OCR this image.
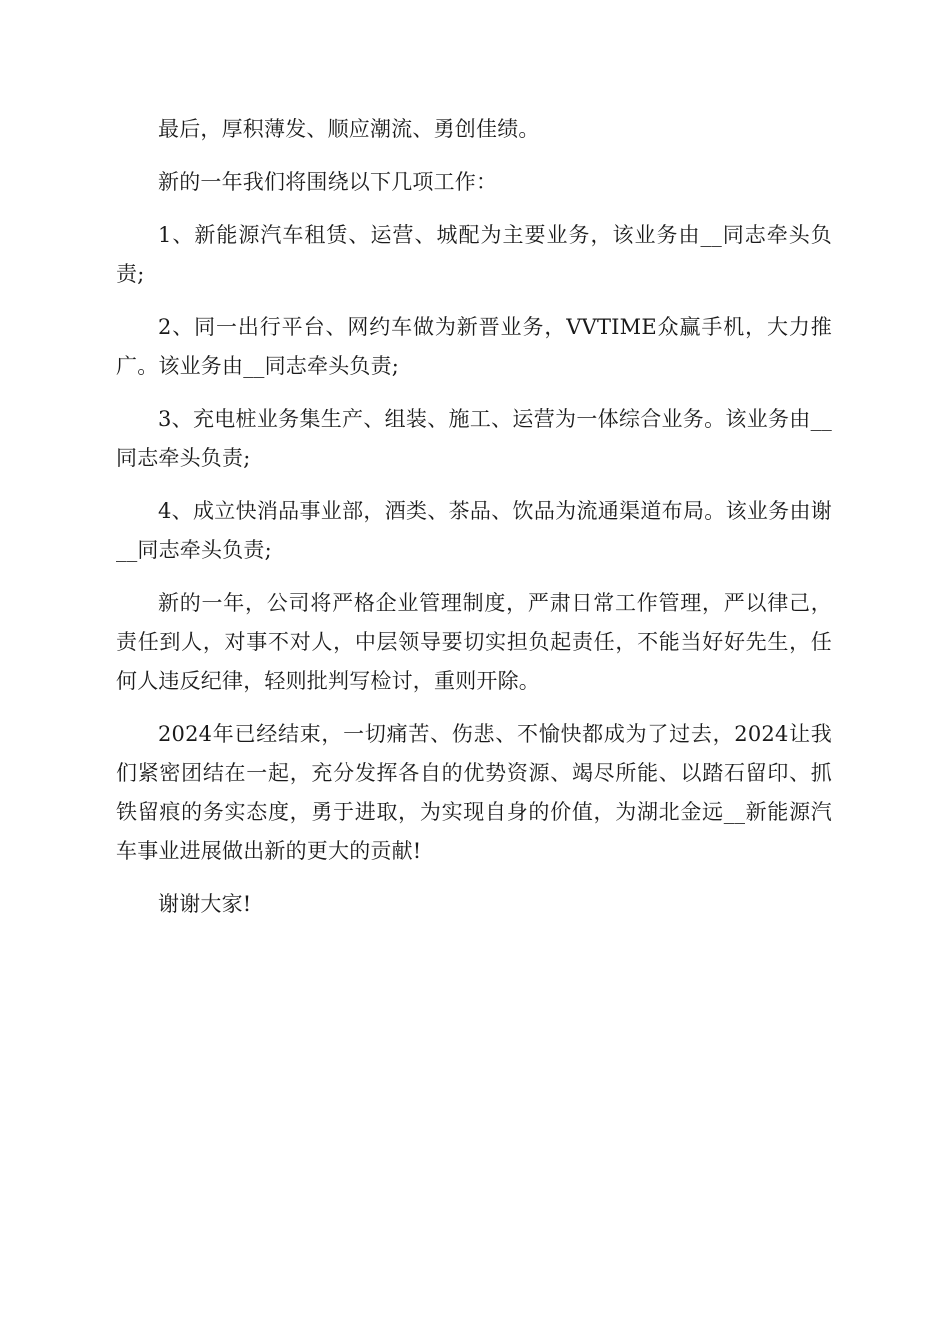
最后，厚积薄发、顺应潮流、勇创佳绩。

新的一年我们将围绕以下几项工作：

1、新能源汽车租赁、运营、城配为主要业务，该业务由__同志牵头负责;

2、同一出行平台、网约车做为新晋业务，VVTIME众赢手机，大力推广。该业务由__同志牵头负责;

3、充电桩业务集生产、组装、施工、运营为一体综合业务。该业务由__同志牵头负责;

4、成立快消品事业部，酒类、茶品、饮品为流通渠道布局。该业务由谢__同志牵头负责;

新的一年，公司将严格企业管理制度，严肃日常工作管理，严以律己，责任到人，对事不对人，中层领导要切实担负起责任，不能当好好先生，任何人违反纪律，轻则批判写检讨，重则开除。

2024年已经结束，一切痛苦、伤悲、不愉快都成为了过去，2024让我们紧密团结在一起，充分发挥各自的优势资源、竭尽所能、以踏石留印、抓铁留痕的务实态度，勇于进取，为实现自身的价值，为湖北金远__新能源汽车事业进展做出新的更大的贡献!

谢谢大家!
